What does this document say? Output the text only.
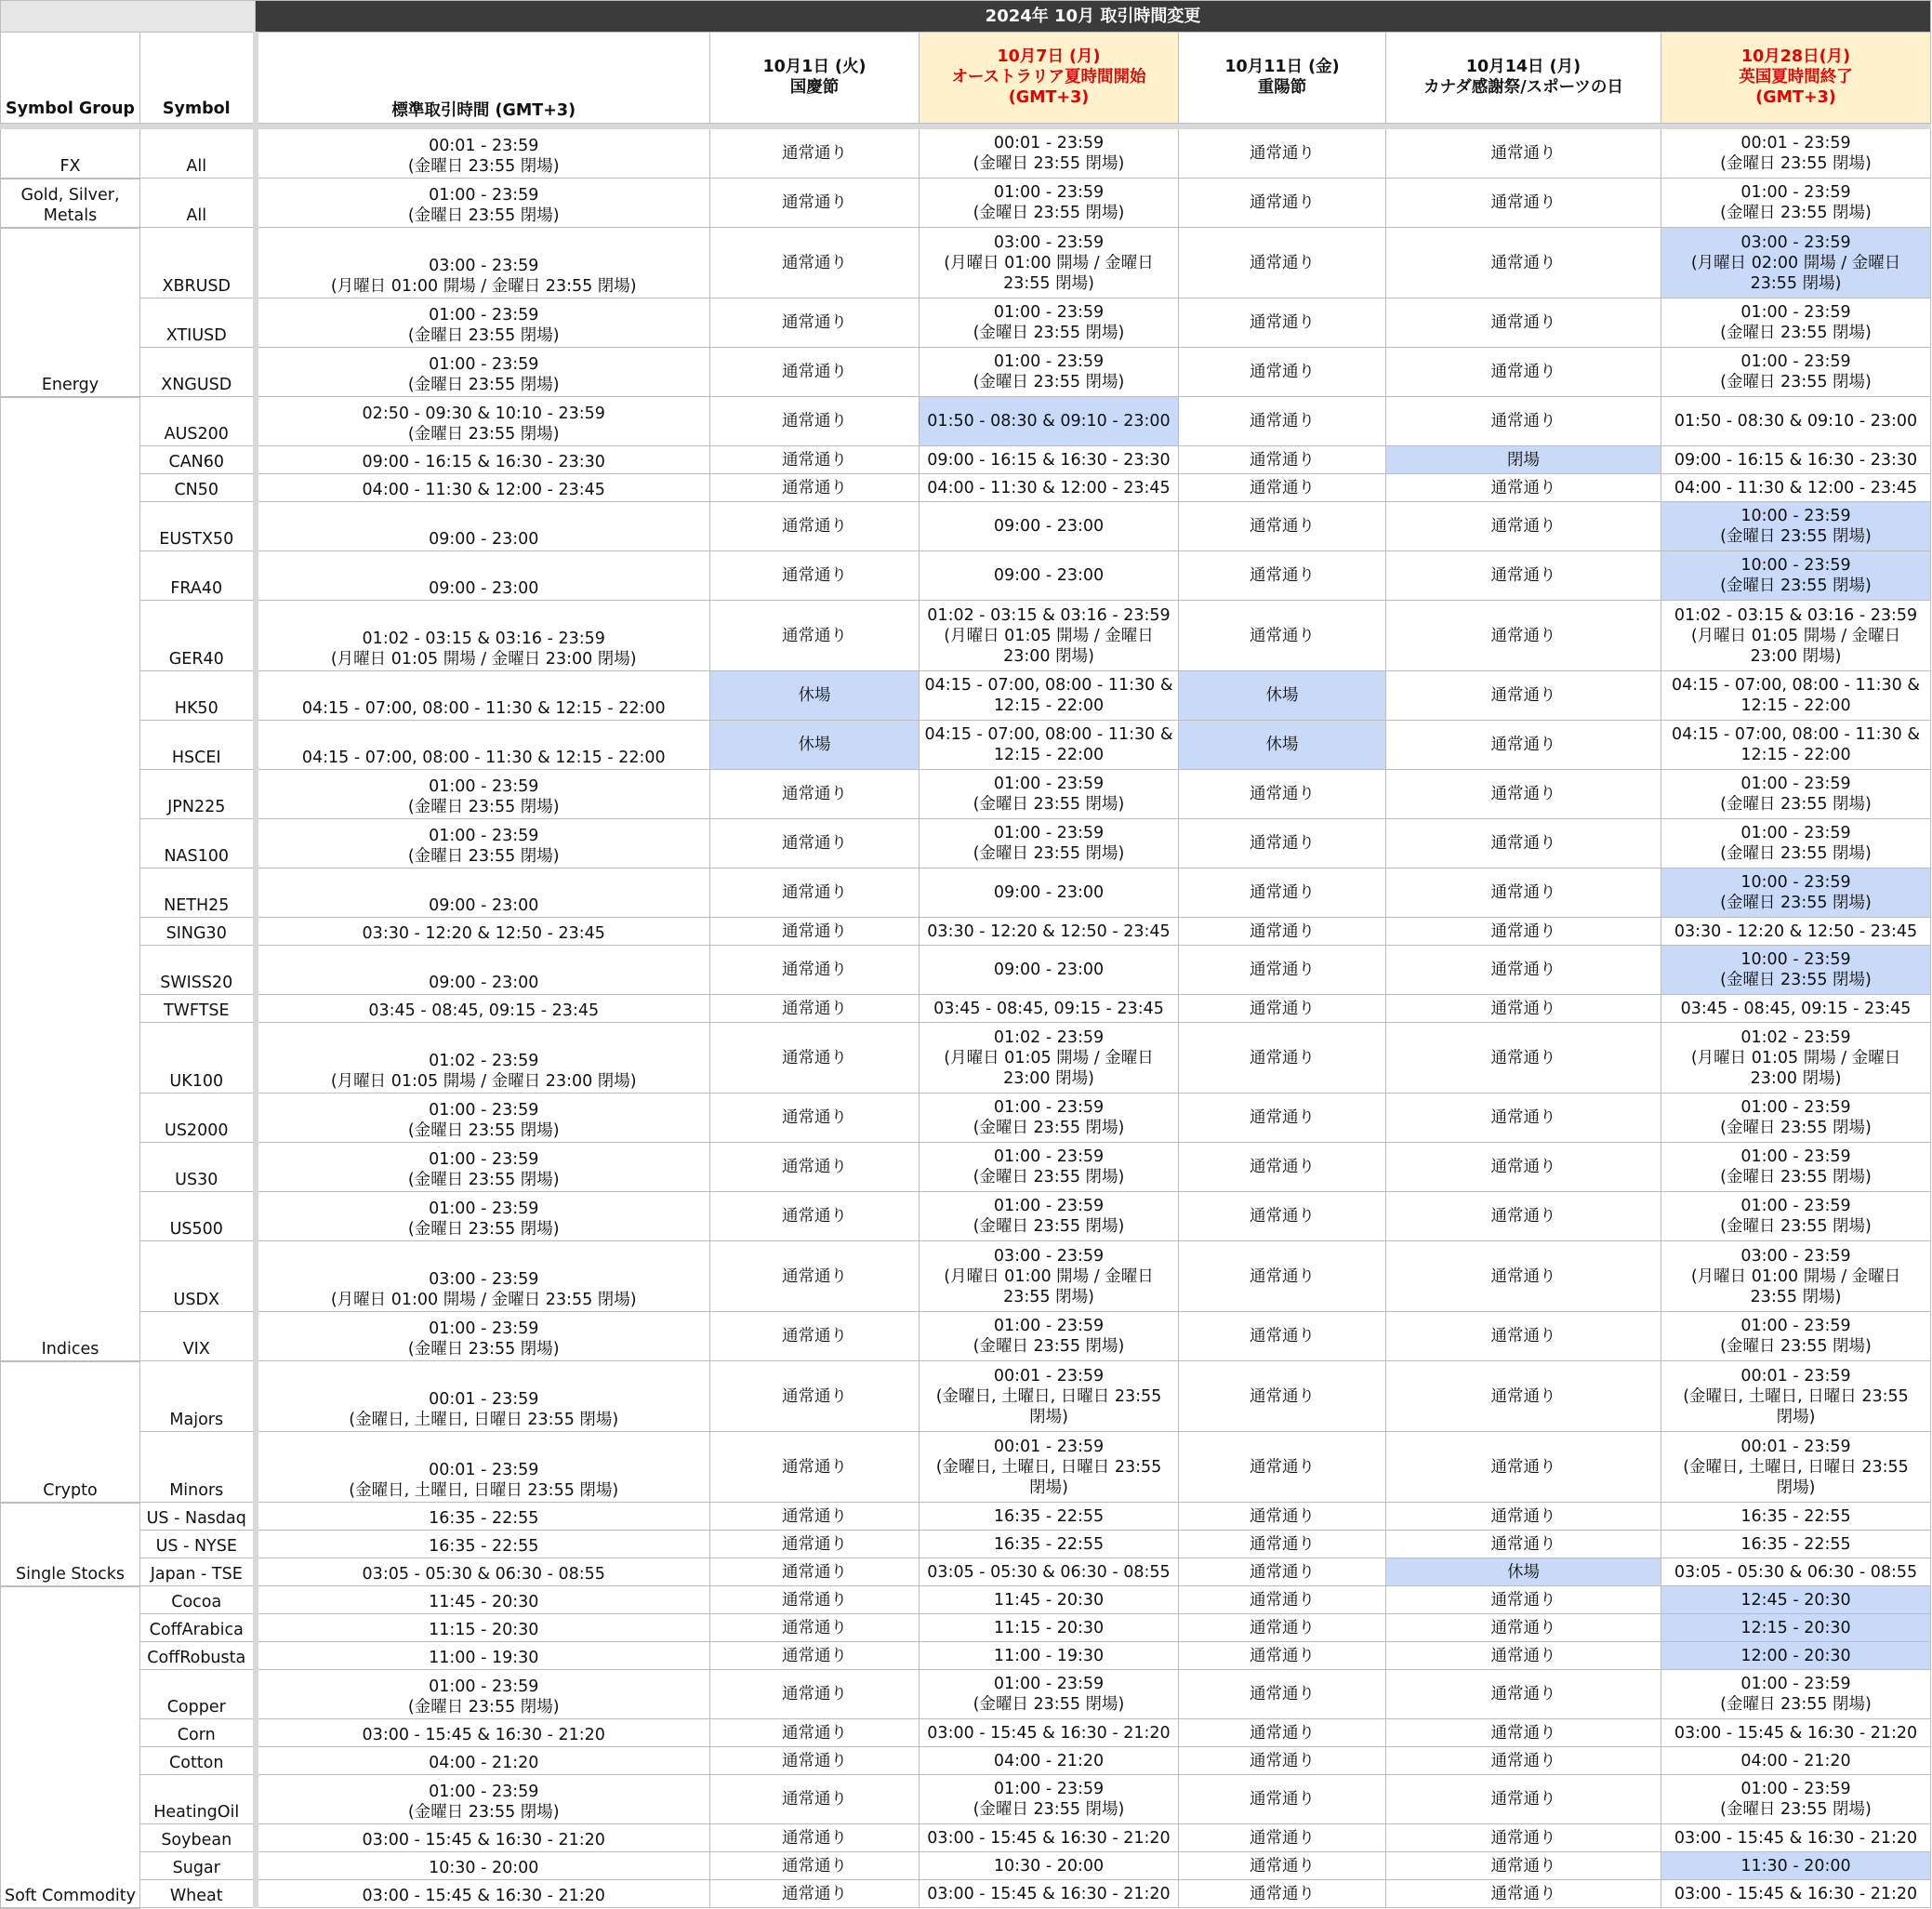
		2024年 10月 取引時間変更					
Symbol Group	Symbol	標準取引時間 (GMT+3)	10月1日 (火)
国慶節	10月7日 (月)
オーストラリア夏時間開始
(GMT+3)	10月11日 (金)
重陽節	10月14日 (月)
カナダ感謝祭/スポーツの日	10月28日(月)
英国夏時間終了
(GMT+3)

FX	All	00:01 - 23:59
(金曜日 23:55 閉場)	通常通り	00:01 - 23:59
(金曜日 23:55 閉場)	通常通り	通常通り	00:01 - 23:59
(金曜日 23:55 閉場)
Gold, Silver,
Metals	All	01:00 - 23:59
(金曜日 23:55 閉場)	通常通り	01:00 - 23:59
(金曜日 23:55 閉場)	通常通り	通常通り	01:00 - 23:59
(金曜日 23:55 閉場)
Energy	XBRUSD	03:00 - 23:59
(月曜日 01:00 開場 / 金曜日 23:55 閉場)	通常通り	03:00 - 23:59
(月曜日 01:00 開場 / 金曜日
23:55 閉場)	通常通り	通常通り	03:00 - 23:59
(月曜日 02:00 開場 / 金曜日
23:55 閉場)
	XTIUSD	01:00 - 23:59
(金曜日 23:55 閉場)	通常通り	01:00 - 23:59
(金曜日 23:55 閉場)	通常通り	通常通り	01:00 - 23:59
(金曜日 23:55 閉場)
	XNGUSD	01:00 - 23:59
(金曜日 23:55 閉場)	通常通り	01:00 - 23:59
(金曜日 23:55 閉場)	通常通り	通常通り	01:00 - 23:59
(金曜日 23:55 閉場)
Indices	AUS200	02:50 - 09:30 & 10:10 - 23:59
(金曜日 23:55 閉場)	通常通り	01:50 - 08:30 & 09:10 - 23:00	通常通り	通常通り	01:50 - 08:30 & 09:10 - 23:00
	CAN60	09:00 - 16:15 & 16:30 - 23:30	通常通り	09:00 - 16:15 & 16:30 - 23:30	通常通り	閉場	09:00 - 16:15 & 16:30 - 23:30
	CN50	04:00 - 11:30 & 12:00 - 23:45	通常通り	04:00 - 11:30 & 12:00 - 23:45	通常通り	通常通り	04:00 - 11:30 & 12:00 - 23:45
	EUSTX50	09:00 - 23:00	通常通り	09:00 - 23:00	通常通り	通常通り	10:00 - 23:59
(金曜日 23:55 閉場)
	FRA40	09:00 - 23:00	通常通り	09:00 - 23:00	通常通り	通常通り	10:00 - 23:59
(金曜日 23:55 閉場)
	GER40	01:02 - 03:15 & 03:16 - 23:59
(月曜日 01:05 開場 / 金曜日 23:00 閉場)	通常通り	01:02 - 03:15 & 03:16 - 23:59
(月曜日 01:05 開場 / 金曜日
23:00 閉場)	通常通り	通常通り	01:02 - 03:15 & 03:16 - 23:59
(月曜日 01:05 開場 / 金曜日
23:00 閉場)
	HK50	04:15 - 07:00, 08:00 - 11:30 & 12:15 - 22:00	休場	04:15 - 07:00, 08:00 - 11:30 &
12:15 - 22:00	休場	通常通り	04:15 - 07:00, 08:00 - 11:30 &
12:15 - 22:00
	HSCEI	04:15 - 07:00, 08:00 - 11:30 & 12:15 - 22:00	休場	04:15 - 07:00, 08:00 - 11:30 &
12:15 - 22:00	休場	通常通り	04:15 - 07:00, 08:00 - 11:30 &
12:15 - 22:00
	JPN225	01:00 - 23:59
(金曜日 23:55 閉場)	通常通り	01:00 - 23:59
(金曜日 23:55 閉場)	通常通り	通常通り	01:00 - 23:59
(金曜日 23:55 閉場)
	NAS100	01:00 - 23:59
(金曜日 23:55 閉場)	通常通り	01:00 - 23:59
(金曜日 23:55 閉場)	通常通り	通常通り	01:00 - 23:59
(金曜日 23:55 閉場)
	NETH25	09:00 - 23:00	通常通り	09:00 - 23:00	通常通り	通常通り	10:00 - 23:59
(金曜日 23:55 閉場)
	SING30	03:30 - 12:20 & 12:50 - 23:45	通常通り	03:30 - 12:20 & 12:50 - 23:45	通常通り	通常通り	03:30 - 12:20 & 12:50 - 23:45
	SWISS20	09:00 - 23:00	通常通り	09:00 - 23:00	通常通り	通常通り	10:00 - 23:59
(金曜日 23:55 閉場)
	TWFTSE	03:45 - 08:45, 09:15 - 23:45	通常通り	03:45 - 08:45, 09:15 - 23:45	通常通り	通常通り	03:45 - 08:45, 09:15 - 23:45
	UK100	01:02 - 23:59
(月曜日 01:05 開場 / 金曜日 23:00 閉場)	通常通り	01:02 - 23:59
(月曜日 01:05 開場 / 金曜日
23:00 閉場)	通常通り	通常通り	01:02 - 23:59
(月曜日 01:05 開場 / 金曜日
23:00 閉場)
	US2000	01:00 - 23:59
(金曜日 23:55 閉場)	通常通り	01:00 - 23:59
(金曜日 23:55 閉場)	通常通り	通常通り	01:00 - 23:59
(金曜日 23:55 閉場)
	US30	01:00 - 23:59
(金曜日 23:55 閉場)	通常通り	01:00 - 23:59
(金曜日 23:55 閉場)	通常通り	通常通り	01:00 - 23:59
(金曜日 23:55 閉場)
	US500	01:00 - 23:59
(金曜日 23:55 閉場)	通常通り	01:00 - 23:59
(金曜日 23:55 閉場)	通常通り	通常通り	01:00 - 23:59
(金曜日 23:55 閉場)
	USDX	03:00 - 23:59
(月曜日 01:00 開場 / 金曜日 23:55 閉場)	通常通り	03:00 - 23:59
(月曜日 01:00 開場 / 金曜日
23:55 閉場)	通常通り	通常通り	03:00 - 23:59
(月曜日 01:00 開場 / 金曜日
23:55 閉場)
	VIX	01:00 - 23:59
(金曜日 23:55 閉場)	通常通り	01:00 - 23:59
(金曜日 23:55 閉場)	通常通り	通常通り	01:00 - 23:59
(金曜日 23:55 閉場)
Crypto	Majors	00:01 - 23:59
(金曜日, 土曜日, 日曜日 23:55 閉場)	通常通り	00:01 - 23:59
(金曜日, 土曜日, 日曜日 23:55
閉場)	通常通り	通常通り	00:01 - 23:59
(金曜日, 土曜日, 日曜日 23:55
閉場)
	Minors	00:01 - 23:59
(金曜日, 土曜日, 日曜日 23:55 閉場)	通常通り	00:01 - 23:59
(金曜日, 土曜日, 日曜日 23:55
閉場)	通常通り	通常通り	00:01 - 23:59
(金曜日, 土曜日, 日曜日 23:55
閉場)
Single Stocks	US - Nasdaq	16:35 - 22:55	通常通り	16:35 - 22:55	通常通り	通常通り	16:35 - 22:55
	US - NYSE	16:35 - 22:55	通常通り	16:35 - 22:55	通常通り	通常通り	16:35 - 22:55
	Japan - TSE	03:05 - 05:30 & 06:30 - 08:55	通常通り	03:05 - 05:30 & 06:30 - 08:55	通常通り	休場	03:05 - 05:30 & 06:30 - 08:55
Soft Commodity	Cocoa	11:45 - 20:30	通常通り	11:45 - 20:30	通常通り	通常通り	12:45 - 20:30
	CoffArabica	11:15 - 20:30	通常通り	11:15 - 20:30	通常通り	通常通り	12:15 - 20:30
	CoffRobusta	11:00 - 19:30	通常通り	11:00 - 19:30	通常通り	通常通り	12:00 - 20:30
	Copper	01:00 - 23:59
(金曜日 23:55 閉場)	通常通り	01:00 - 23:59
(金曜日 23:55 閉場)	通常通り	通常通り	01:00 - 23:59
(金曜日 23:55 閉場)
	Corn	03:00 - 15:45 & 16:30 - 21:20	通常通り	03:00 - 15:45 & 16:30 - 21:20	通常通り	通常通り	03:00 - 15:45 & 16:30 - 21:20
	Cotton	04:00 - 21:20	通常通り	04:00 - 21:20	通常通り	通常通り	04:00 - 21:20
	HeatingOil	01:00 - 23:59
(金曜日 23:55 閉場)	通常通り	01:00 - 23:59
(金曜日 23:55 閉場)	通常通り	通常通り	01:00 - 23:59
(金曜日 23:55 閉場)
	Soybean	03:00 - 15:45 & 16:30 - 21:20	通常通り	03:00 - 15:45 & 16:30 - 21:20	通常通り	通常通り	03:00 - 15:45 & 16:30 - 21:20
	Sugar	10:30 - 20:00	通常通り	10:30 - 20:00	通常通り	通常通り	11:30 - 20:00
	Wheat	03:00 - 15:45 & 16:30 - 21:20	通常通り	03:00 - 15:45 & 16:30 - 21:20	通常通り	通常通り	03:00 - 15:45 & 16:30 - 21:20
